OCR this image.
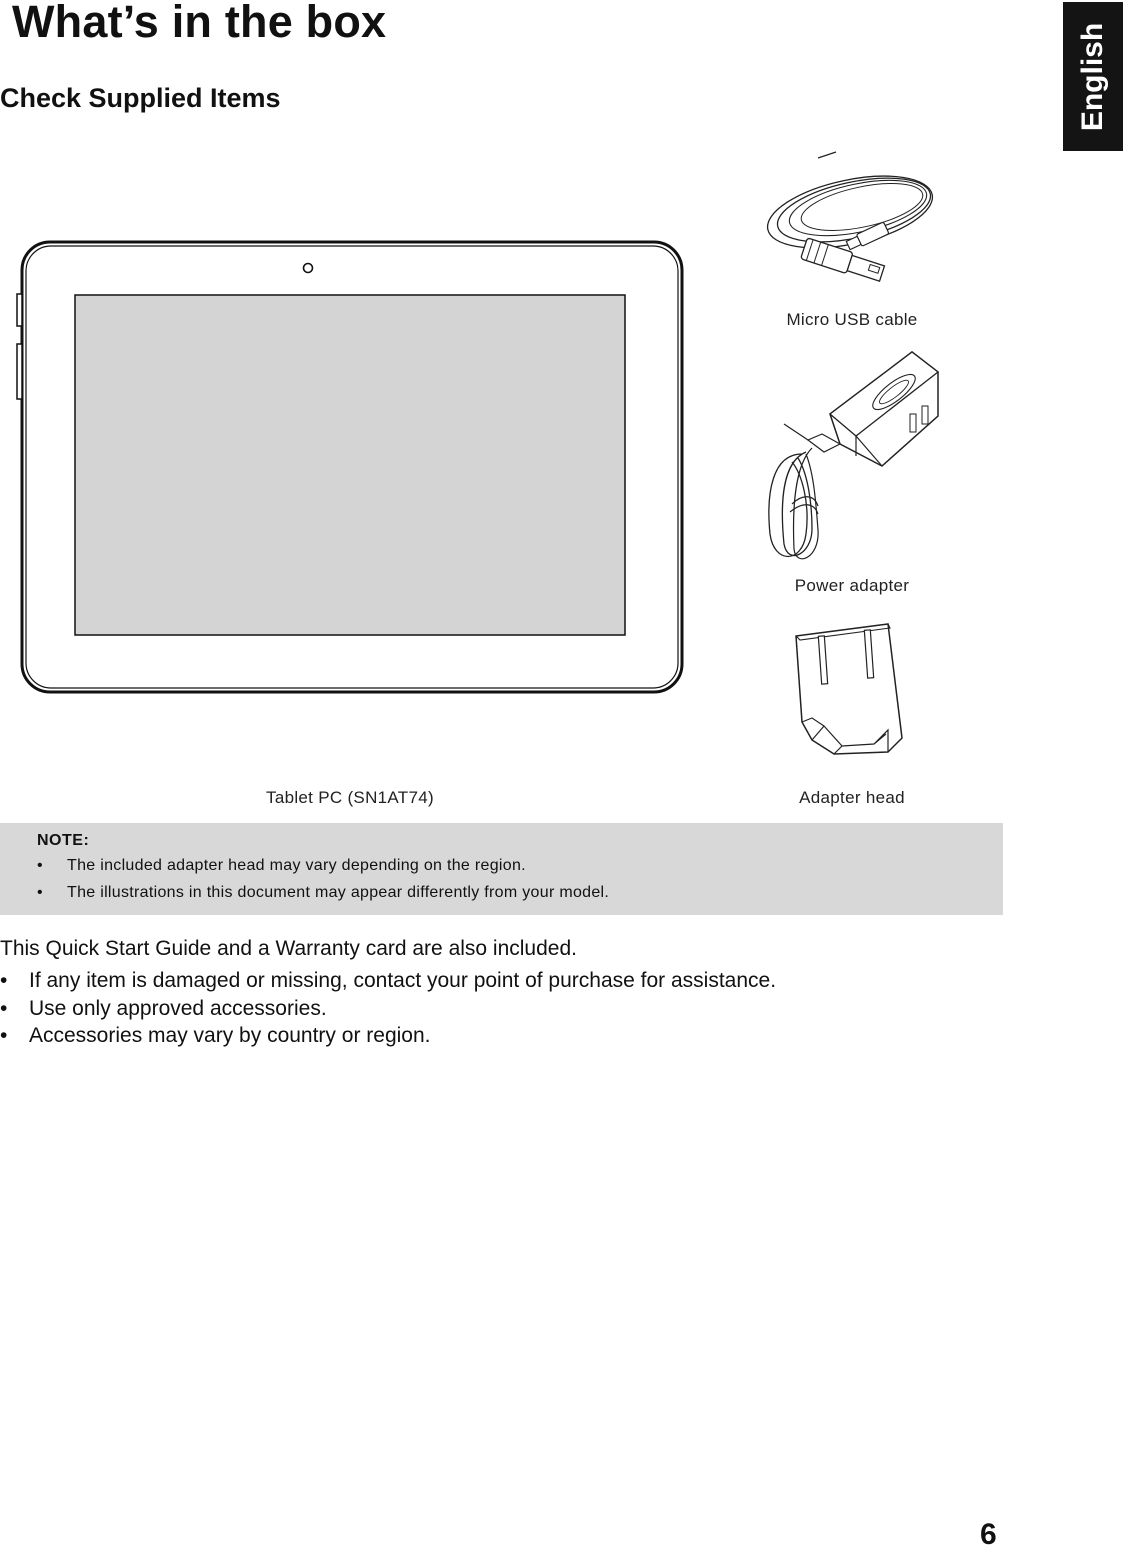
What’s in the box
Check Supplied Items	English
Micro USB cable
Power adapter
Adapter head
Tablet PC (SN1AT74)
NOTE:
• The included adapter head may vary depending on the region.
• The illustrations in this document may appear differently from your model.
This Quick Start Guide and a Warranty card are also included.
• If any item is damaged or missing, contact your point of purchase for assistance.
• Use only approved accessories.
• Accessories may vary by country or region.
6
